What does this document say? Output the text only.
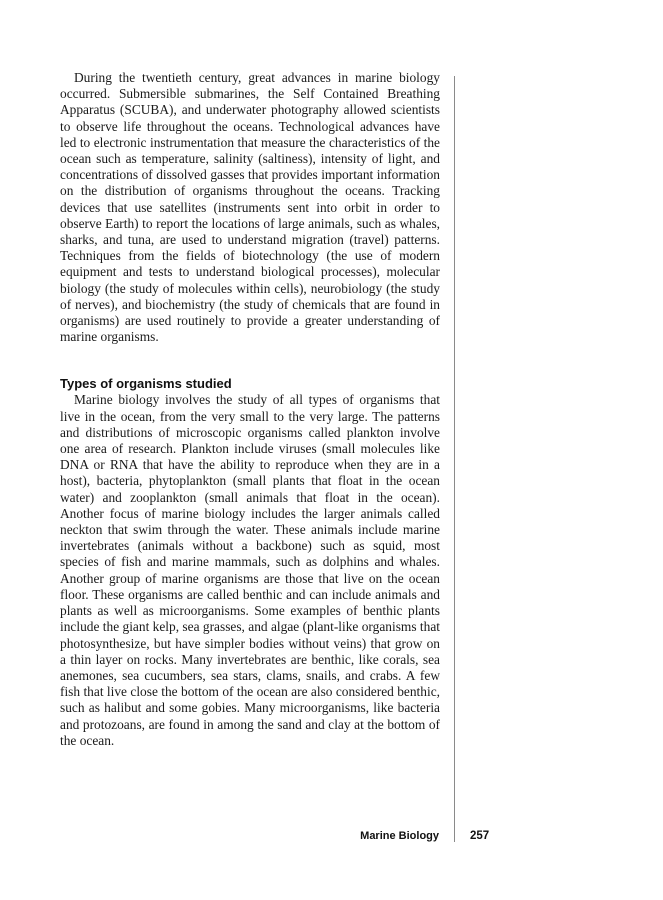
During the twentieth century, great advances in marine biology occurred. Submersible submarines, the Self Contained Breathing Apparatus (SCUBA), and underwater photography allowed scientists to observe life throughout the oceans. Technological advances have led to electronic instrumentation that measure the characteristics of the ocean such as temperature, salinity (saltiness), intensity of light, and concentrations of dissolved gasses that provides important information on the distribution of organisms throughout the oceans. Tracking devices that use satellites (instruments sent into orbit in order to observe Earth) to report the locations of large animals, such as whales, sharks, and tuna, are used to understand migration (travel) patterns. Techniques from the fields of biotechnology (the use of modern equipment and tests to understand biological processes), molecular biology (the study of molecules within cells), neurobiology (the study of nerves), and biochemistry (the study of chemicals that are found in organisms) are used routinely to provide a greater understanding of marine organisms.

Types of organisms studied

Marine biology involves the study of all types of organisms that live in the ocean, from the very small to the very large. The patterns and distributions of microscopic organisms called plankton involve one area of research. Plankton include viruses (small molecules like DNA or RNA that have the ability to reproduce when they are in a host), bacteria, phytoplankton (small plants that float in the ocean water) and zooplankton (small animals that float in the ocean). Another focus of marine biology includes the larger animals called neckton that swim through the water. These animals include marine invertebrates (animals without a backbone) such as squid, most species of fish and marine mammals, such as dolphins and whales. Another group of marine organisms are those that live on the ocean floor. These organisms are called benthic and can include animals and plants as well as microorganisms. Some examples of benthic plants include the giant kelp, sea grasses, and algae (plant-like organisms that photosynthesize, but have simpler bodies without veins) that grow on a thin layer on rocks. Many invertebrates are benthic, like corals, sea anemones, sea cucumbers, sea stars, clams, snails, and crabs. A few fish that live close the bottom of the ocean are also considered benthic, such as halibut and some gobies. Many microorganisms, like bacteria and protozoans, are found in among the sand and clay at the bottom of the ocean.

Marine Biology	257
